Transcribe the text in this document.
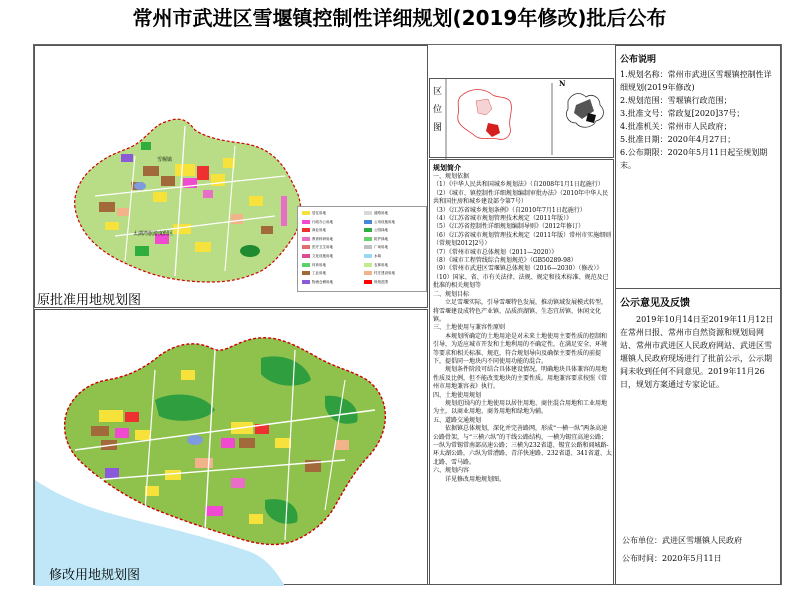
常州市武进区雪堰镇控制性详细规划(2019年修改)批后公布
雪堰镇
太湖湾旅游度假区
居住用地
行政办公用地
商业用地
教育科研用地
医疗卫生用地
文化设施用地
体育用地
工业用地
物流仓储用地
道路用地
公用设施用地
公园绿地
防护绿地
广场用地
水域
农林用地
村庄建设用地
规划范围
原批准用地规划图
修改用地规划图
区
位
图
N
规划简介
一、规划依据
（1）《中华人民共和国城乡规划法》（自2008年1月1日起施行）
（2）《城市、镇控制性详细规划编制审批办法》（2010年中华人民共和国住房和城乡建设部令第7号）
（3）《江苏省城乡规划条例》（自2010年7月1日起施行）
（4）《江苏省城市规划管理技术规定（2011年版）》
（5）《江苏省控制性详细规划编制导则》（2012年修订）
（6）《江苏省城市规划管理技术规定（2011年版）常州市实施细则（常规划2012]2号）
（7）《常州市城市总体规划（2011—2020）》
（8）《城市工程管线综合规划规范》（GB50289-98）
（9）《常州市武进区雪堰镇总体规划（2016—2030）（修改）》
（10）国家、省、市有关法律、法规、规定和技术标准、规范及已批准的相关规划等
二、规划目标
立足雪堰实际，引导雪堰特色发展，推动镇域发展模式转型，将雪堰建设成特色产业镇、品质滨湖镇、生态宜居镇、休闲文化镇。
三、土地使用与兼容性原则
本规划所确定的土地用途是对未来土地使用主要性质的控制和引导，为适应城市开发和土地利用的不确定性，在满足安全、环境等要求和相关标准、规范，符合规划导向及确保主要性质的前提下，提倡同一地块内不同使用功能的混合。
规划条件阶段可结合具体建设情况，明确地块具体兼容的用地性质及比例，但不能改变地块的主要性质。用地兼容要求按照《常州市用地兼容表》执行。
四、土地使用规划
规划范围内的土地使用以居住用地、商住混合用地和工业用地为主，以商业用地、商务用地和绿地为辅。
五、道路交通规划
依据镇总体规划，深化并完善路网，形成“一横一纵”两条高速公路骨架，与“三横六纵”的干线公路结构，一横为锡宜高速公路；一纵为常锡常南部高速公路；三横为232省道、锡宜公路和闾城路-环太湖公路，六纵为常漕路、青洋快速路、232省道、341省道、太北路、雪马路。
六、规划内容
详见修改用地规划图。
公布说明
1.规划名称：常州市武进区雪堰镇控制性详细规划(2019年修改)
2.规划范围：雪堰镇行政范围；
3.批准文号：常政复[2020]37号；
4.批准机关：常州市人民政府；
5.批准日期：2020年4月27日；
6.公布期限：2020年5月11日起至规划期末。
公示意见及反馈
2019年10月14日至2019年11月12日在常州日报、常州市自然资源和规划局网站、常州市武进区人民政府网站、武进区雪堰镇人民政府现场进行了批前公示，公示期间未收到任何不同意见。2019年11月26日，规划方案通过专家论证。
公布单位：武进区雪堰镇人民政府
公布时间：2020年5月11日
